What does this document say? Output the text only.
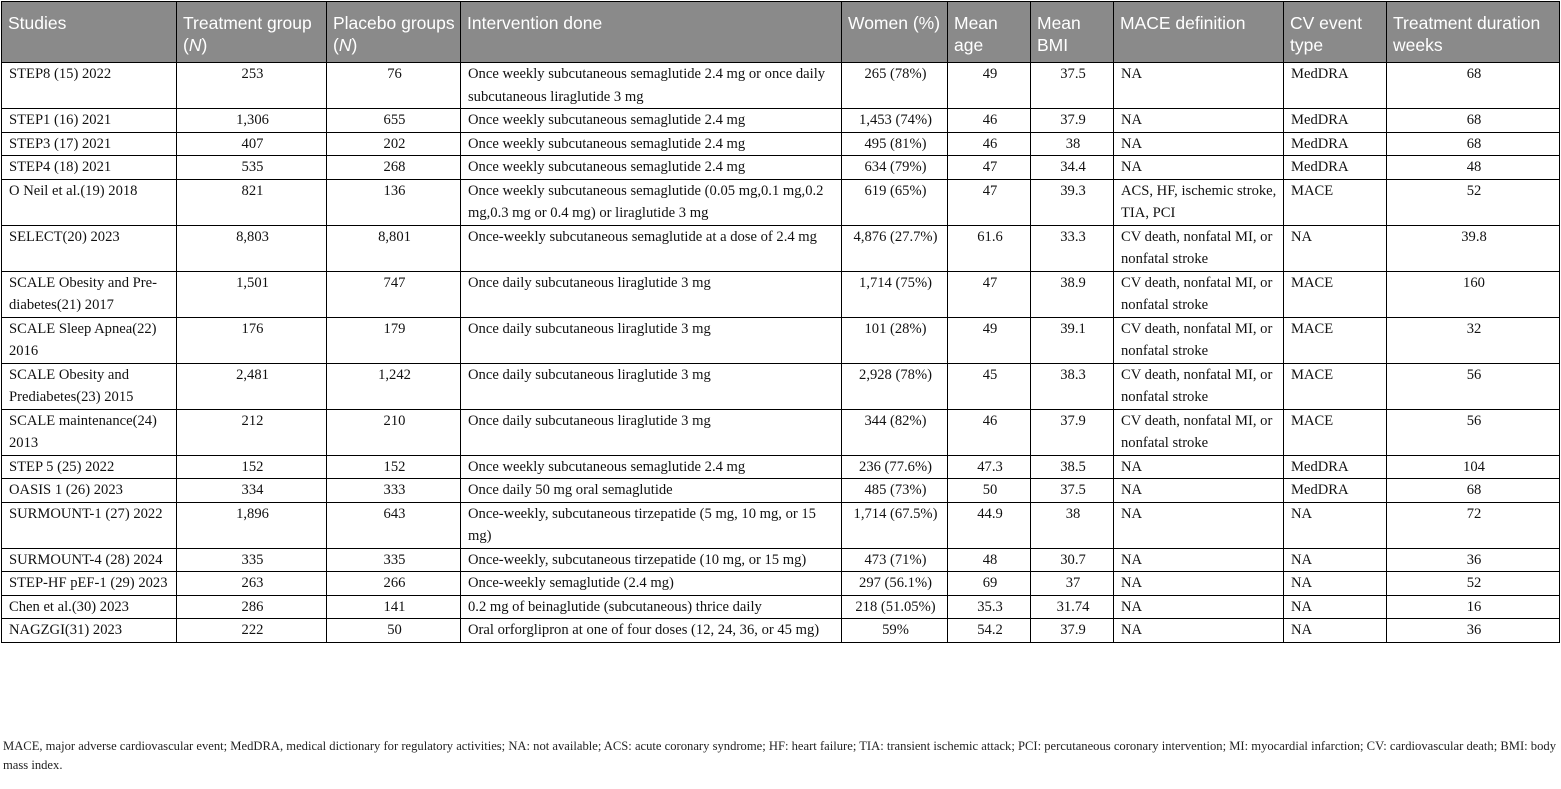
Studies	Treatment group (N)	Placebo groups (N)	Intervention done	Women (%)	Mean age	Mean BMI	MACE definition	CV event type	Treatment duration weeks
STEP8 (15) 2022	253	76	Once weekly subcutaneous semaglutide 2.4 mg or once daily subcutaneous liraglutide 3 mg	265 (78%)	49	37.5	NA	MedDRA	68
STEP1 (16) 2021	1,306	655	Once weekly subcutaneous semaglutide 2.4 mg	1,453 (74%)	46	37.9	NA	MedDRA	68
STEP3 (17) 2021	407	202	Once weekly subcutaneous semaglutide 2.4 mg	495 (81%)	46	38	NA	MedDRA	68
STEP4 (18) 2021	535	268	Once weekly subcutaneous semaglutide 2.4 mg	634 (79%)	47	34.4	NA	MedDRA	48
O Neil et al.(19) 2018	821	136	Once weekly subcutaneous semaglutide (0.05 mg,0.1 mg,0.2 mg,0.3 mg or 0.4 mg) or liraglutide 3 mg	619 (65%)	47	39.3	ACS, HF, ischemic stroke, TIA, PCI	MACE	52
SELECT(20) 2023	8,803	8,801	Once-weekly subcutaneous semaglutide at a dose of 2.4 mg	4,876 (27.7%)	61.6	33.3	CV death, nonfatal MI, or nonfatal stroke	NA	39.8
SCALE Obesity and Pre-diabetes(21) 2017	1,501	747	Once daily subcutaneous liraglutide 3 mg	1,714 (75%)	47	38.9	CV death, nonfatal MI, or nonfatal stroke	MACE	160
SCALE Sleep Apnea(22) 2016	176	179	Once daily subcutaneous liraglutide 3 mg	101 (28%)	49	39.1	CV death, nonfatal MI, or nonfatal stroke	MACE	32
SCALE Obesity and Prediabetes(23) 2015	2,481	1,242	Once daily subcutaneous liraglutide 3 mg	2,928 (78%)	45	38.3	CV death, nonfatal MI, or nonfatal stroke	MACE	56
SCALE maintenance(24) 2013	212	210	Once daily subcutaneous liraglutide 3 mg	344 (82%)	46	37.9	CV death, nonfatal MI, or nonfatal stroke	MACE	56
STEP 5 (25) 2022	152	152	Once weekly subcutaneous semaglutide 2.4 mg	236 (77.6%)	47.3	38.5	NA	MedDRA	104
OASIS 1 (26) 2023	334	333	Once daily 50 mg oral semaglutide	485 (73%)	50	37.5	NA	MedDRA	68
SURMOUNT-1 (27) 2022	1,896	643	Once-weekly, subcutaneous tirzepatide (5 mg, 10 mg, or 15 mg)	1,714 (67.5%)	44.9	38	NA	NA	72
SURMOUNT-4 (28) 2024	335	335	Once-weekly, subcutaneous tirzepatide (10 mg, or 15 mg)	473 (71%)	48	30.7	NA	NA	36
STEP-HF pEF-1 (29) 2023	263	266	Once-weekly semaglutide (2.4 mg)	297 (56.1%)	69	37	NA	NA	52
Chen et al.(30) 2023	286	141	0.2 mg of beinaglutide (subcutaneous) thrice daily	218 (51.05%)	35.3	31.74	NA	NA	16
NAGZGI(31) 2023	222	50	Oral orforglipron at one of four doses (12, 24, 36, or 45 mg)	59%	54.2	37.9	NA	NA	36
MACE, major adverse cardiovascular event; MedDRA, medical dictionary for regulatory activities; NA: not available; ACS: acute coronary syndrome; HF: heart failure; TIA: transient ischemic attack; PCI: percutaneous coronary intervention; MI: myocardial infarction; CV: cardiovascular death; BMI: body mass index.
